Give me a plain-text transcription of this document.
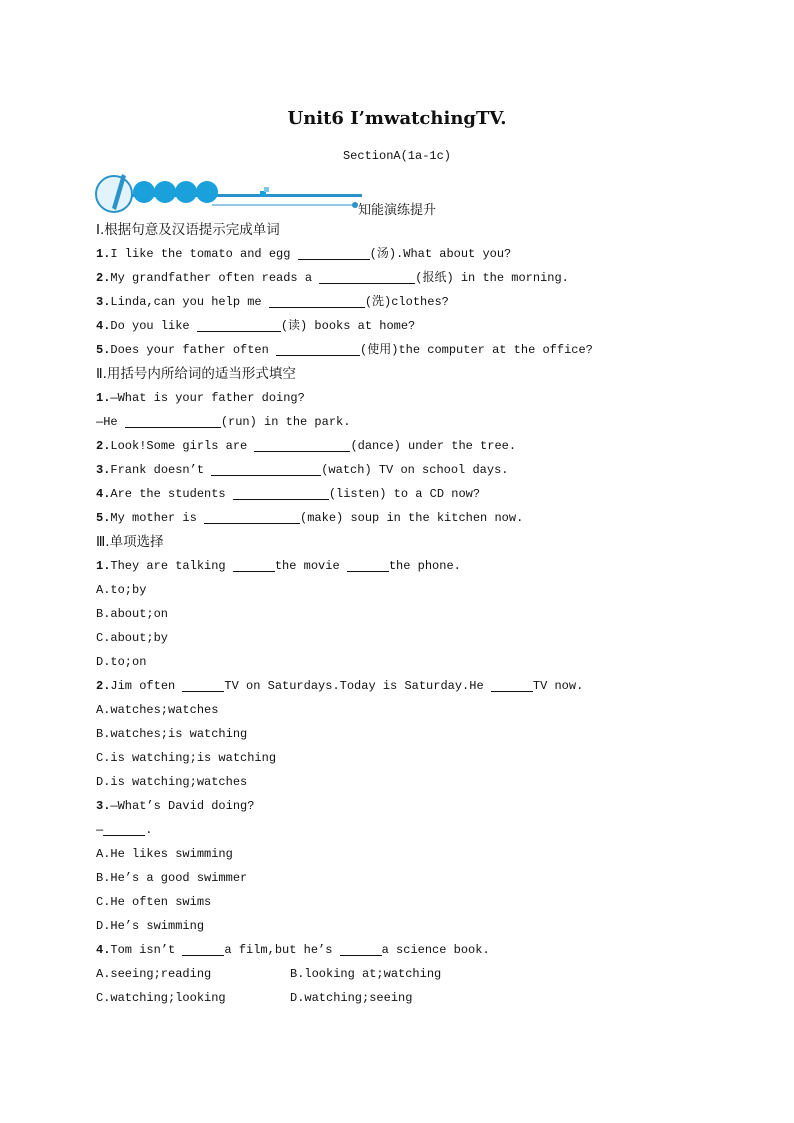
Unit6 I’mwatchingTV.
SectionA(1a-1c)
知能演练提升
Ⅰ.根据句意及汉语提示完成单词
1.I like the tomato and egg	(汤).What about you?
2.My grandfather often reads a	(报纸) in the morning.
3.Linda,can you help me	(洗)clothes?
4.Do you like	(读) books at home?
5.Does your father often	(使用)the computer at the office?
Ⅱ.用括号内所给词的适当形式填空
1.—What is your father doing?
—He	(run) in the park.
2.Look!Some girls are	(dance) under the tree.
3.Frank doesn’t	(watch) TV on school days.
4.Are the students	(listen) to a CD now?
5.My mother is	(make) soup in the kitchen now.
Ⅲ.单项选择
1.They are talking	the movie	the phone.
A.to;by
B.about;on
C.about;by
D.to;on
2.Jim often	TV on Saturdays.Today is Saturday.He	TV now.
A.watches;watches
B.watches;is watching
C.is watching;is watching
D.is watching;watches
3.—What’s David doing?
—	.
A.He likes swimming
B.He’s a good swimmer
C.He often swims
D.He’s swimming
4.Tom isn’t	a film,but he’s	a science book.
A.seeing;reading	B.looking at;watching
C.watching;looking	D.watching;seeing
